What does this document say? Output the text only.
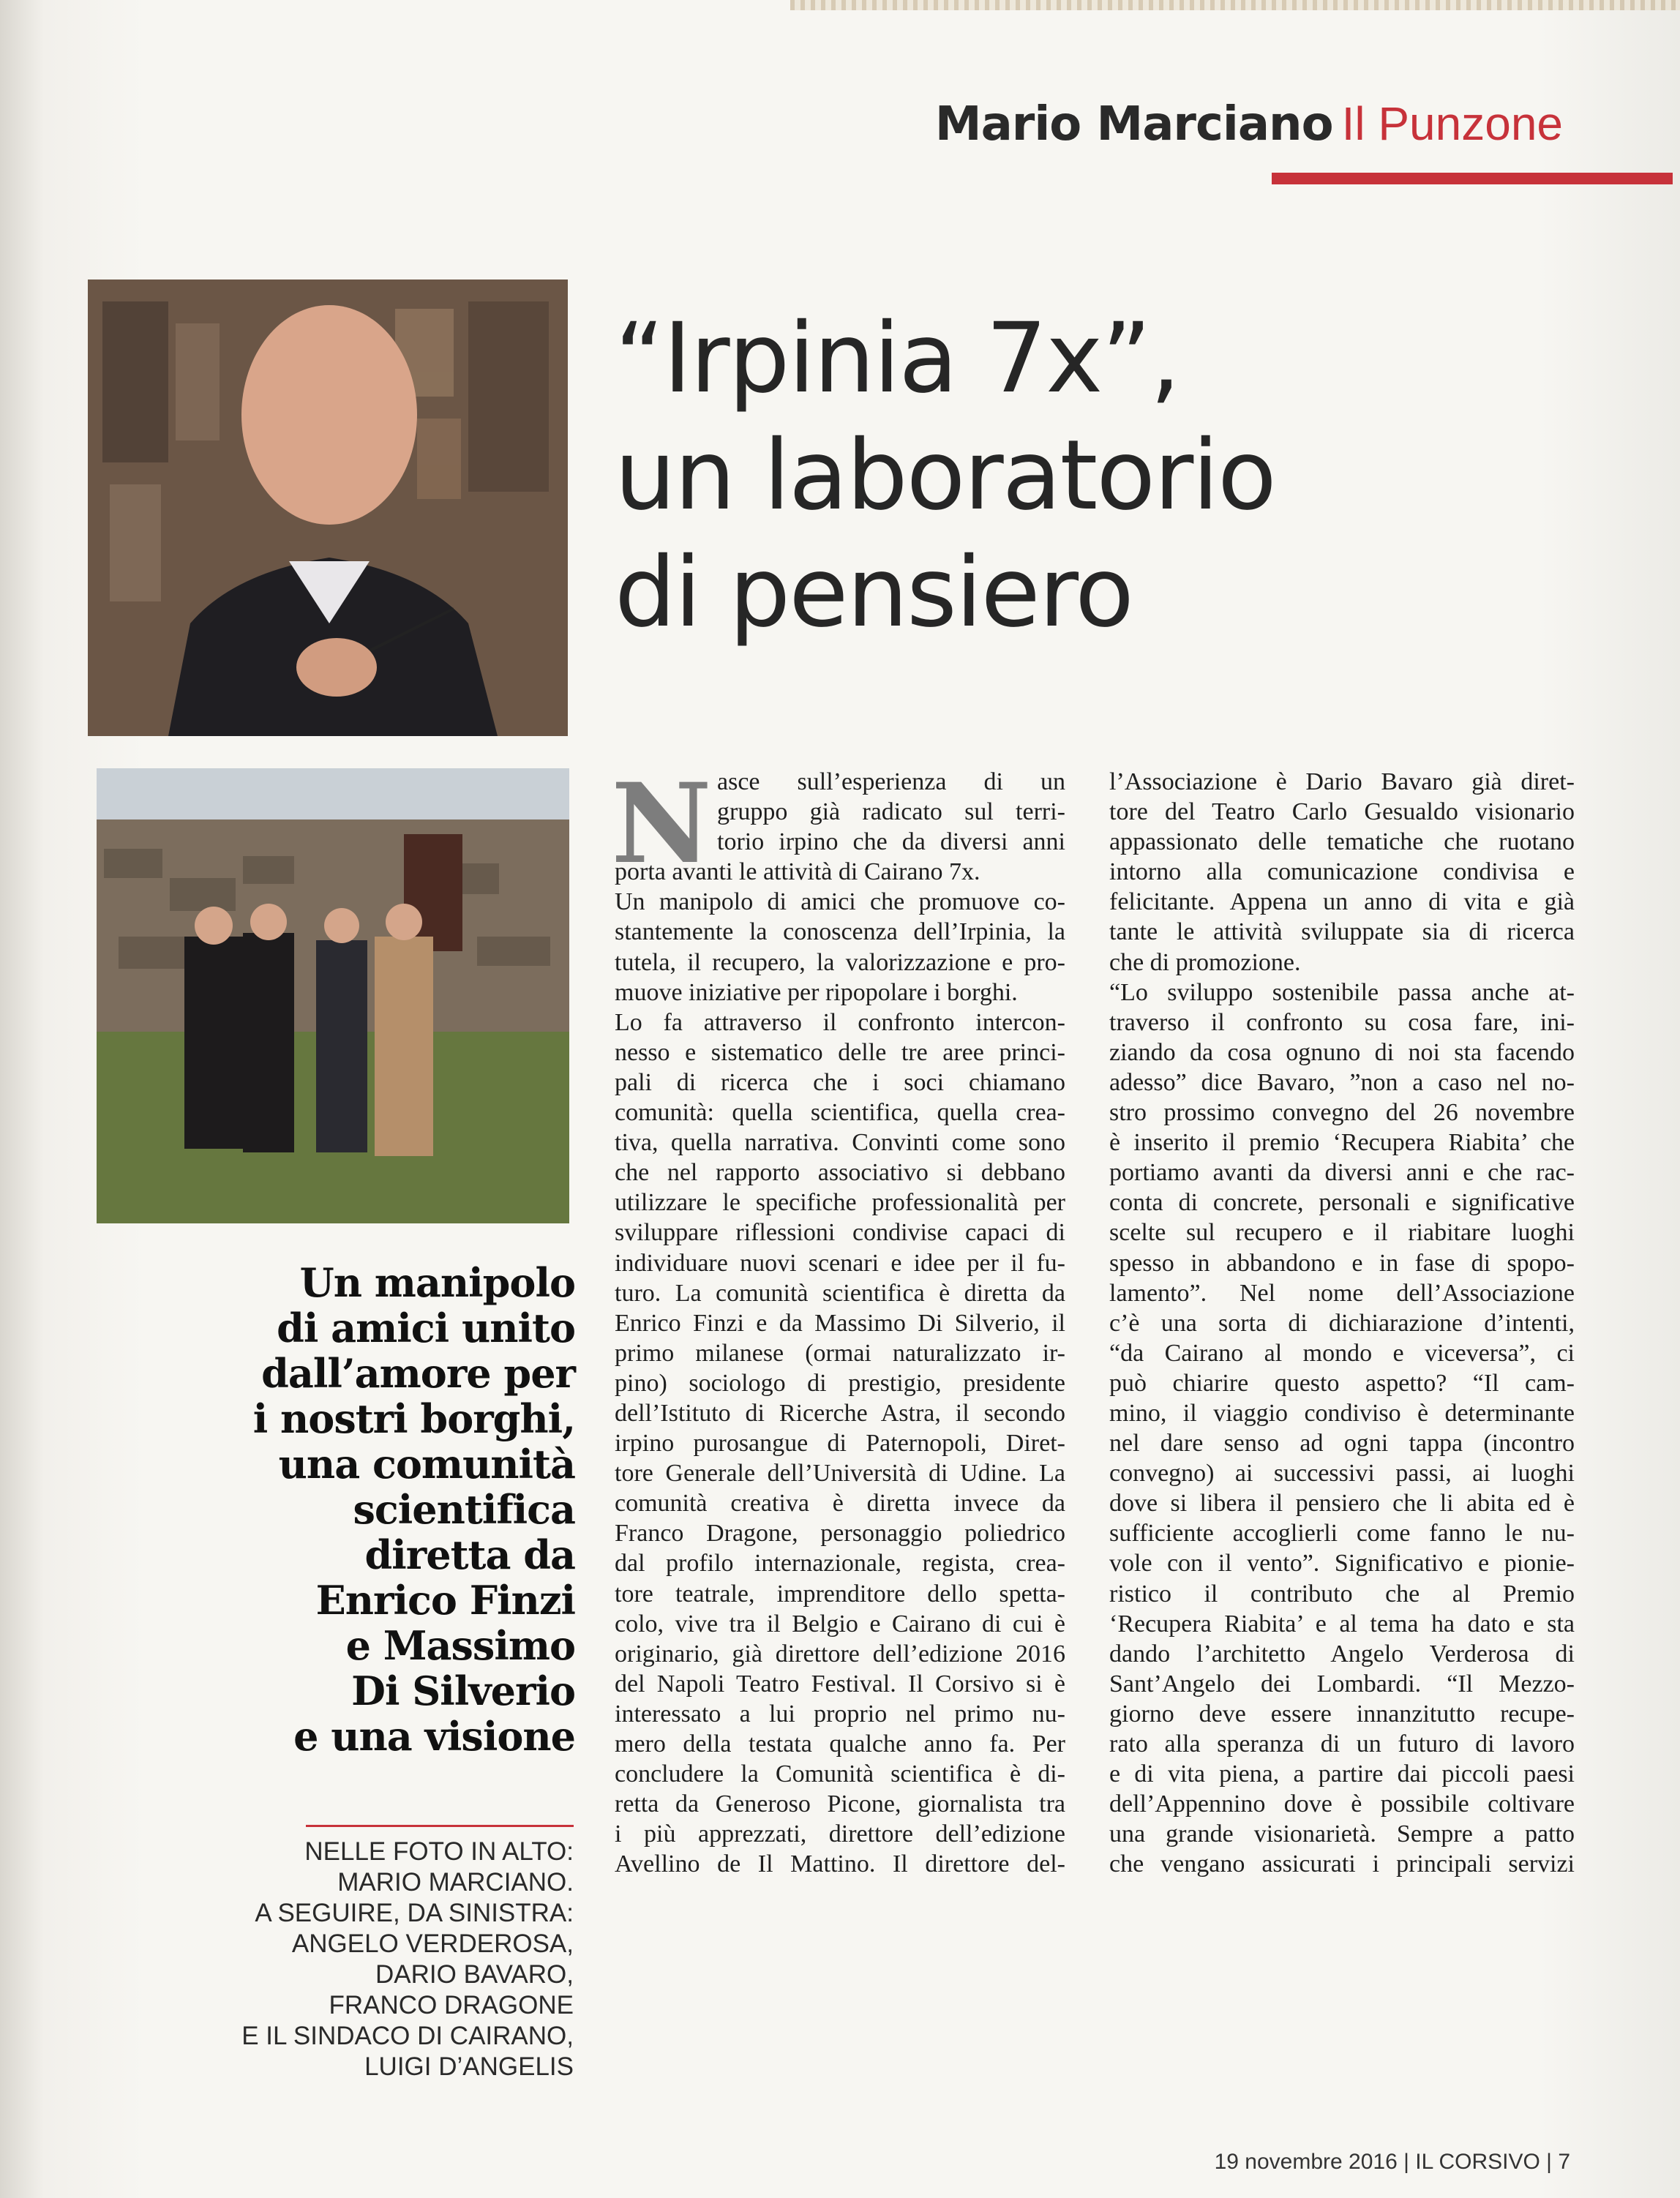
Mario Marciano Il Punzone
“Irpinia 7x”,
un laboratorio
di pensiero
Un manipolo
di amici unito
dall’amore per
i nostri borghi,
una comunità
scientifica
diretta da
Enrico Finzi
e Massimo
Di Silverio
e una visione
NELLE FOTO IN ALTO:
MARIO MARCIANO.
A SEGUIRE, DA SINISTRA:
ANGELO VERDEROSA,
DARIO BAVARO,
FRANCO DRAGONE
E IL SINDACO DI CAIRANO,
LUIGI D’ANGELIS
N asce sull’esperienza di un
gruppo già radicato sul terri-
torio irpino che da diversi anni
porta avanti le attività di Cairano 7x.
Un manipolo di amici che promuove co-
stantemente la conoscenza dell’Irpinia, la
tutela, il recupero, la valorizzazione e pro-
muove iniziative per ripopolare i borghi.
Lo fa attraverso il confronto intercon-
nesso e sistematico delle tre aree princi-
pali di ricerca che i soci chiamano
comunità: quella scientifica, quella crea-
tiva, quella narrativa. Convinti come sono
che nel rapporto associativo si debbano
utilizzare le specifiche professionalità per
sviluppare riflessioni condivise capaci di
individuare nuovi scenari e idee per il fu-
turo. La comunità scientifica è diretta da
Enrico Finzi e da Massimo Di Silverio, il
primo milanese (ormai naturalizzato ir-
pino) sociologo di prestigio, presidente
dell’Istituto di Ricerche Astra, il secondo
irpino purosangue di Paternopoli, Diret-
tore Generale dell’Università di Udine. La
comunità creativa è diretta invece da
Franco Dragone, personaggio poliedrico
dal profilo internazionale, regista, crea-
tore teatrale, imprenditore dello spetta-
colo, vive tra il Belgio e Cairano di cui è
originario, già direttore dell’edizione 2016
del Napoli Teatro Festival. Il Corsivo si è
interessato a lui proprio nel primo nu-
mero della testata qualche anno fa. Per
concludere la Comunità scientifica è di-
retta da Generoso Picone, giornalista tra
i più apprezzati, direttore dell’edizione
Avellino de Il Mattino. Il direttore del-
l’Associazione è Dario Bavaro già diret-
tore del Teatro Carlo Gesualdo visionario
appassionato delle tematiche che ruotano
intorno alla comunicazione condivisa e
felicitante. Appena un anno di vita e già
tante le attività sviluppate sia di ricerca
che di promozione.
“Lo sviluppo sostenibile passa anche at-
traverso il confronto su cosa fare, ini-
ziando da cosa ognuno di noi sta facendo
adesso” dice Bavaro, ”non a caso nel no-
stro prossimo convegno del 26 novembre
è inserito il premio ‘Recupera Riabita’ che
portiamo avanti da diversi anni e che rac-
conta di concrete, personali e significative
scelte sul recupero e il riabitare luoghi
spesso in abbandono e in fase di spopo-
lamento”. Nel nome dell’Associazione
c’è una sorta di dichiarazione d’intenti,
“da Cairano al mondo e viceversa”, ci
può chiarire questo aspetto? “Il cam-
mino, il viaggio condiviso è determinante
nel dare senso ad ogni tappa (incontro
convegno) ai successivi passi, ai luoghi
dove si libera il pensiero che li abita ed è
sufficiente accoglierli come fanno le nu-
vole con il vento”. Significativo e pionie-
ristico il contributo che al Premio
‘Recupera Riabita’ e al tema ha dato e sta
dando l’architetto Angelo Verderosa di
Sant’Angelo dei Lombardi. “Il Mezzo-
giorno deve essere innanzitutto recupe-
rato alla speranza di un futuro di lavoro
e di vita piena, a partire dai piccoli paesi
dell’Appennino dove è possibile coltivare
una grande visionarietà. Sempre a patto
che vengano assicurati i principali servizi
19 novembre 2016 | IL CORSIVO | 7
